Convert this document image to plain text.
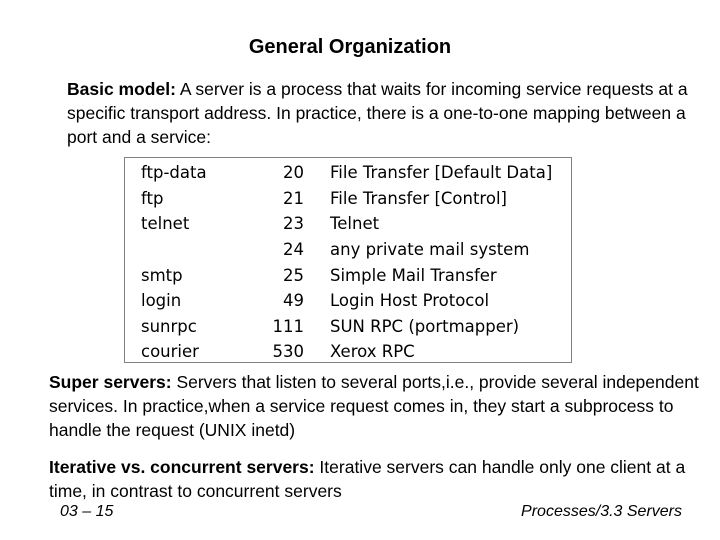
General Organization
Basic model: A server is a process that waits for incoming service requests at a specific transport address. In practice, there is a one-to-one mapping between a port and a service:
ftp-data	20	File Transfer [Default Data]
ftp	21	File Transfer [Control]
telnet	23	Telnet
	24	any private mail system
smtp	25	Simple Mail Transfer
login	49	Login Host Protocol
sunrpc	111	SUN RPC (portmapper)
courier	530	Xerox RPC
Super servers: Servers that listen to several ports,i.e., provide several independent services. In practice,when a service request comes in, they start a subprocess to handle the request (UNIX inetd)
Iterative vs. concurrent servers: Iterative servers can handle only one client at a time, in contrast to concurrent servers
03 – 15	Processes/3.3 Servers
